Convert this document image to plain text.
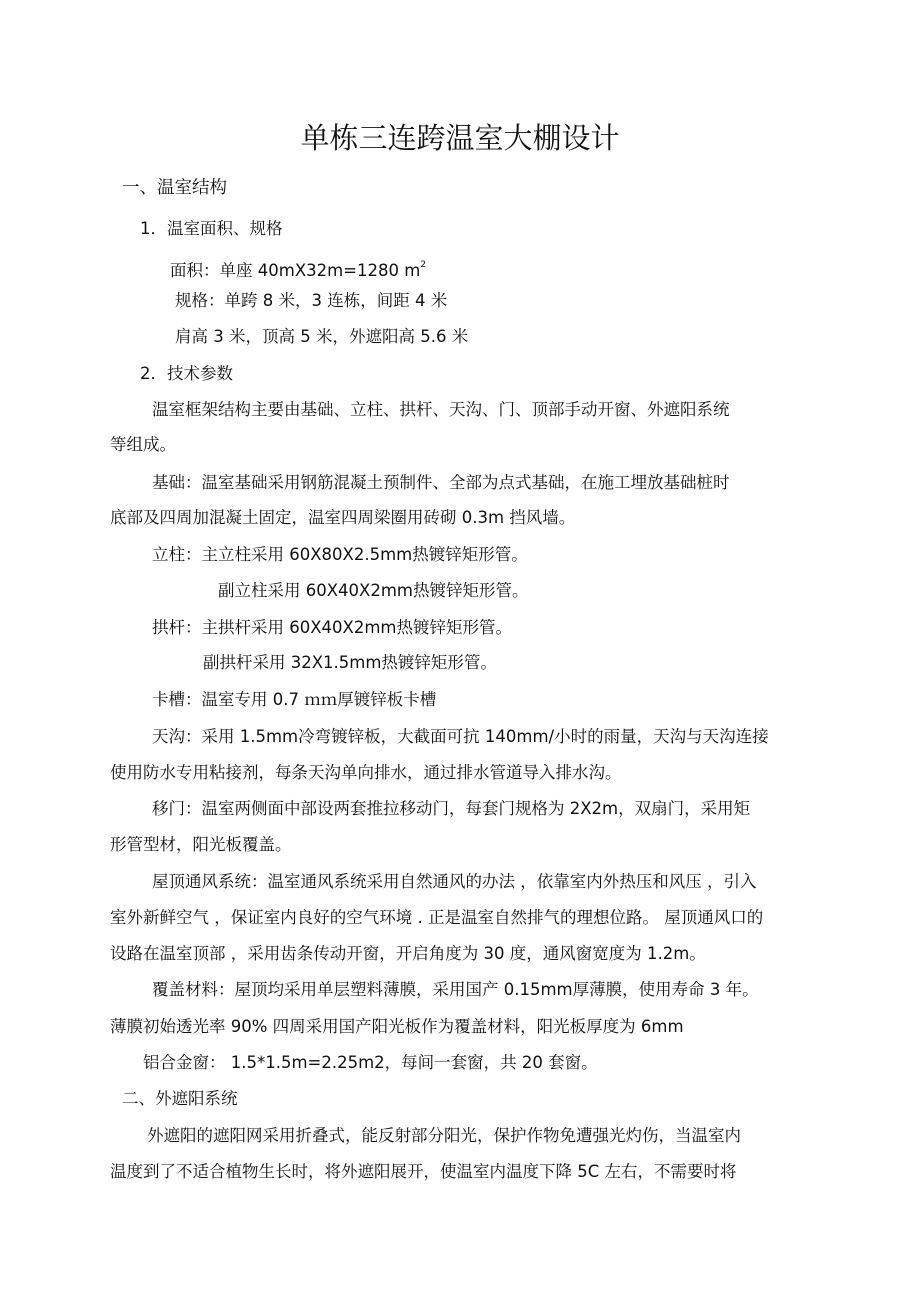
单栋三连跨温室大棚设计
一、温室结构
1．温室面积、规格
面积：单座 40mX32m=1280 $m^2$
规格：单跨 8 米，3 连栋，间距 4 米
肩高 3 米，顶高 5 米，外遮阳高 5.6 米
2．技术参数
温室框架结构主要由基础、立柱、拱杆、天沟、门、顶部手动开窗、外遮阳系统
等组成。
基础：温室基础采用钢筋混凝土预制件、全部为点式基础，在施工埋放基础桩时
底部及四周加混凝土固定，温室四周梁圈用砖砌 0.3m 挡风墙。
立柱：主立柱采用 60X80X2.5mm热镀锌矩形管。
副立柱采用 60X40X2mm热镀锌矩形管。
拱杆：主拱杆采用 60X40X2mm热镀锌矩形管。
副拱杆采用 32X1.5mm热镀锌矩形管。
卡槽：温室专用 0.7 ｍｍ厚镀锌板卡槽
天沟：采用 1.5mm冷弯镀锌板，大截面可抗 140mm/小时的雨量，天沟与天沟连接
使用防水专用粘接剂，每条天沟单向排水，通过排水管道导入排水沟。
移门：温室两侧面中部设两套推拉移动门，每套门规格为 2X2m，双扇门，采用矩
形管型材，阳光板覆盖。
屋顶通风系统：温室通风系统采用自然通风的办法 ，依靠室内外热压和风压 ，引入
室外新鲜空气 ，保证室内良好的空气环境 . 正是温室自然排气的理想位路。 屋顶通风口的
设路在温室顶部 ，采用齿条传动开窗，开启角度为 30 度，通风窗宽度为 1.2m。
覆盖材料：屋顶均采用单层塑料薄膜，采用国产 0.15mm厚薄膜，使用寿命 3 年。
薄膜初始透光率 90% 四周采用国产阳光板作为覆盖材料，阳光板厚度为 6mm
铝合金窗： 1.5*1.5m=2.25m2，每间一套窗，共 20 套窗。
二、外遮阳系统
外遮阳的遮阳网采用折叠式，能反射部分阳光，保护作物免遭强光灼伤，当温室内
温度到了不适合植物生长时，将外遮阳展开，使温室内温度下降 5C 左右，不需要时将
